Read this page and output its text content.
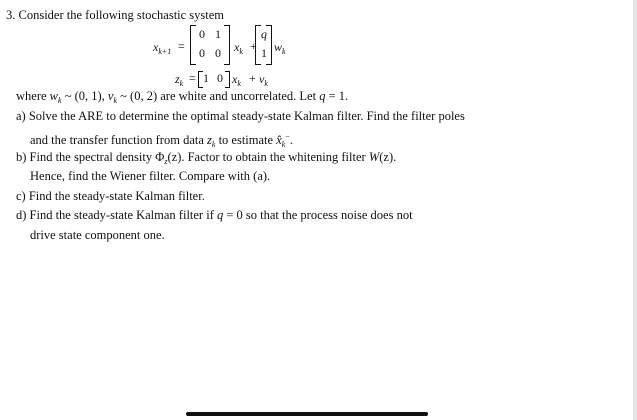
3. Consider the following stochastic system
$x_{k+1}$ =
0 1
0 0 $x_k$ +
q
1 $w_k$
$z_k = 1$ 0 $x_k + v_k$
where $w_k$ ~ (0, 1), $v_k$ ~ (0, 2) are white and uncorrelated. Let q = 1.
a) Solve the ARE to determine the optimal steady-state Kalman filter. Find the filter poles
and the transfer function from data $z_k$ to estimate $x̂_k^-$.
b) Find the spectral density $\Phi_z(z)$. Factor to obtain the whitening filter W(z).
Hence, find the Wiener filter. Compare with (a).
c) Find the steady-state Kalman filter.
d) Find the steady-state Kalman filter if q = 0 so that the process noise does not
drive state component one.
